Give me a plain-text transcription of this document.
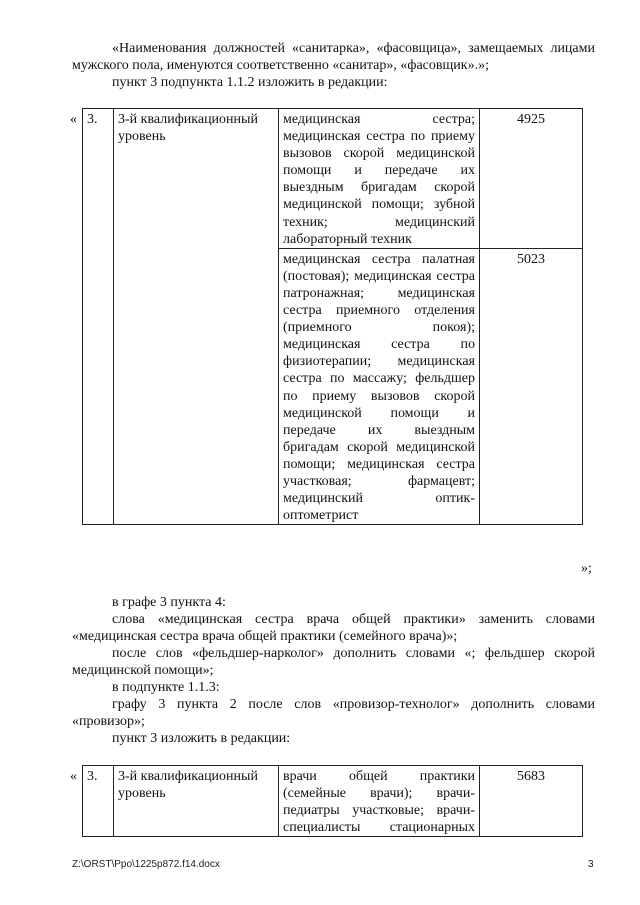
«Наименования должностей «санитарка», «фасовщица», замещаемых лицами мужского пола, именуются соответственно «санитар», «фасовщик».»;
пункт 3 подпункта 1.1.2 изложить в редакции:
« 3.	3-й квалификационный уровень	медицинская сестра; медицинская сестра по приему вызовов скорой медицинской помощи и передаче их выездным бригадам скорой медицинской помощи; зубной техник; медицинский
лабораторный техник	4925
		медицинская сестра палатная (постовая); медицинская сестра патронажная; медицинская сестра приемного отделения (приемного покоя); медицинская сестра по физиотерапии; медицинская сестра по массажу; фельдшер по приему вызовов скорой медицинской помощи и передаче их выездным бригадам скорой медицинской помощи; медицинская сестра участковая; фармацевт; медицинский оптик-
оптометрист	5023
»;
в графе 3 пункта 4:
слова «медицинская сестра врача общей практики» заменить словами «медицинская сестра врача общей практики (семейного врача)»;
после слов «фельдшер-нарколог» дополнить словами «; фельдшер скорой медицинской помощи»;
в подпункте 1.1.3:
графу 3 пункта 2 после слов «провизор-технолог» дополнить словами «провизор»;
пункт 3 изложить в редакции:
« 3.	3-й квалификационный уровень	врачи общей практики (семейные врачи); врачи-педиатры участковые; врачи-специалисты стационарных	5683
Z:\ORST\Ppo\1225p872.f14.docx	3
